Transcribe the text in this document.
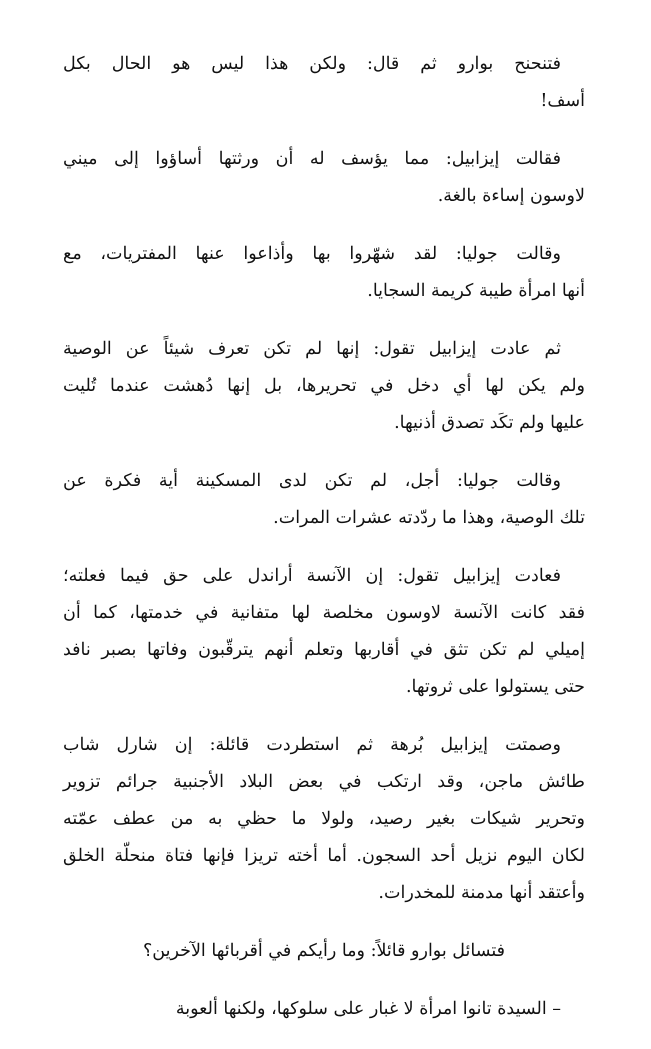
فتنحنح بوارو ثم قال: ولكن هذا ليس هو الحال بكل
أسف!

فقالت إيزابيل: مما يؤسف له أن ورثتها أساؤوا إلى ميني
لاوسون إساءة بالغة.

وقالت جوليا: لقد شهّروا بها وأذاعوا عنها المفتريات، مع
أنها امرأة طيبة كريمة السجايا.

ثم عادت إيزابيل تقول: إنها لم تكن تعرف شيئاً عن الوصية
ولم يكن لها أي دخل في تحريرها، بل إنها دُهشت عندما تُليت
عليها ولم تكَد تصدق أذنيها.

وقالت جوليا: أجل، لم تكن لدى المسكينة أية فكرة عن
تلك الوصية، وهذا ما ردّدته عشرات المرات.

فعادت إيزابيل تقول: إن الآنسة أراندل على حق فيما فعلته؛
فقد كانت الآنسة لاوسون مخلصة لها متفانية في خدمتها، كما أن
إميلي لم تكن تثق في أقاربها وتعلم أنهم يترقّبون وفاتها بصبر نافد
حتى يستولوا على ثروتها.

وصمتت إيزابيل بُرهة ثم استطردت قائلة: إن شارل شاب
طائش ماجن، وقد ارتكب في بعض البلاد الأجنبية جرائم تزوير
وتحرير شيكات بغير رصيد، ولولا ما حظي به من عطف عمّته
لكان اليوم نزيل أحد السجون. أما أخته تريزا فإنها فتاة منحلّة الخلق
وأعتقد أنها مدمنة للمخدرات.

فتسائل بوارو قائلاً: وما رأيكم في أقربائها الآخرين؟

– السيدة تانوا امرأة لا غبار على سلوكها، ولكنها ألعوبة
